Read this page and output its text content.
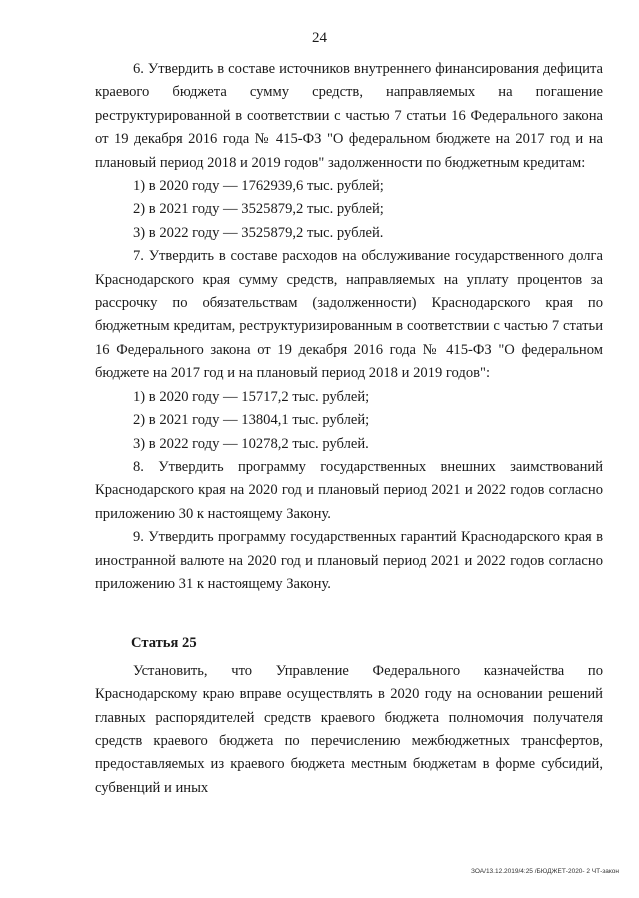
24

6. Утвердить в составе источников внутреннего финансирования дефицита краевого бюджета сумму средств, направляемых на погашение реструктурированной в соответствии с частью 7 статьи 16 Федерального закона от 19 декабря 2016 года № 415-ФЗ "О федеральном бюджете на 2017 год и на плановый период 2018 и 2019 годов" задолженности по бюджетным кредитам:

1) в 2020 году — 1762939,6 тыс. рублей;

2) в 2021 году — 3525879,2 тыс. рублей;

3) в 2022 году — 3525879,2 тыс. рублей.

7. Утвердить в составе расходов на обслуживание государственного долга Краснодарского края сумму средств, направляемых на уплату процентов за рассрочку по обязательствам (задолженности) Краснодарского края по бюджетным кредитам, реструктуризированным в соответствии с частью 7 статьи 16 Федерального закона от 19 декабря 2016 года № 415-ФЗ "О федеральном бюджете на 2017 год и на плановый период 2018 и 2019 годов":

1) в 2020 году — 15717,2 тыс. рублей;

2) в 2021 году — 13804,1 тыс. рублей;

3) в 2022 году — 10278,2 тыс. рублей.

8. Утвердить программу государственных внешних заимствований Краснодарского края на 2020 год и плановый период 2021 и 2022 годов согласно приложению 30 к настоящему Закону.

9. Утвердить программу государственных гарантий Краснодарского края в иностранной валюте на 2020 год и плановый период 2021 и 2022 годов согласно приложению 31 к настоящему Закону.

Статья 25

Установить, что Управление Федерального казначейства по Краснодарскому краю вправе осуществлять в 2020 году на основании решений главных распорядителей средств краевого бюджета полномочия получателя средств краевого бюджета по перечислению межбюджетных трансфертов, предоставляемых из краевого бюджета местным бюджетам в форме субсидий, субвенций и иных

ЗОА/13.12.2019/4:25 /БЮДЖЕТ-2020- 2 ЧТ-закон
